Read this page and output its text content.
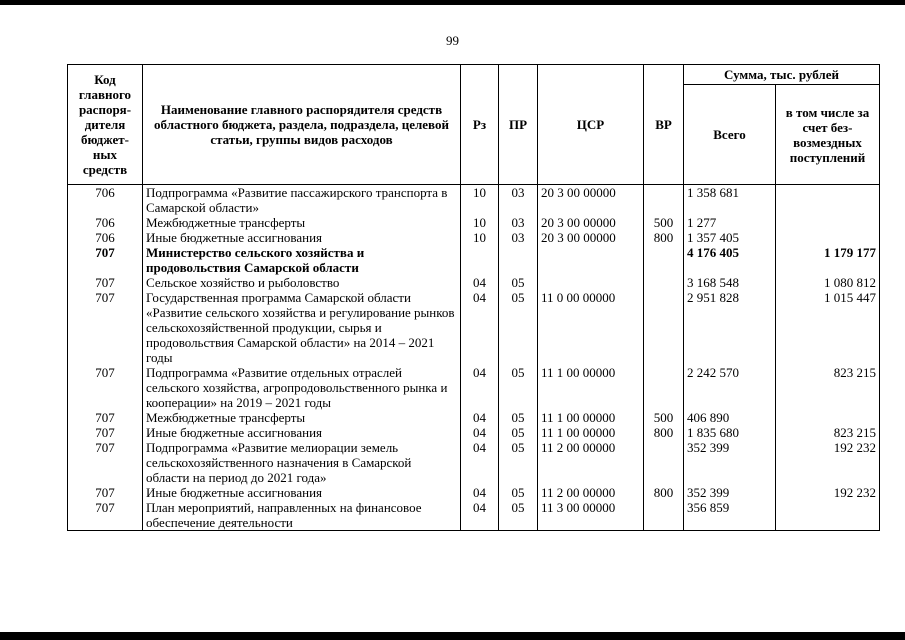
99
Код главного распоря-дителя бюджет-ных средств	Наименование главного распорядителя средств областного бюджета, раздела, подраздела, целевой статьи, группы видов расходов	Рз	ПР	ЦСР	ВР	Сумма, тыс. рублей	
						Всего	в том числе за счет без-возмездных поступлений
706	Подпрограмма «Развитие пассажирского транспорта в Самарской области»	10	03	20 3 00 00000		1 358 681	
706	Межбюджетные трансферты	10	03	20 3 00 00000	500	1 277	
706	Иные бюджетные ассигнования	10	03	20 3 00 00000	800	1 357 405	
707	Министерство сельского хозяйства и продовольствия Самарской области					4 176 405	1 179 177
707	Сельское хозяйство и рыболовство	04	05			3 168 548	1 080 812
707	Государственная программа Самарской области «Развитие сельского хозяйства и регулирование рынков сельскохозяйственной продукции, сырья и продовольствия Самарской области» на 2014 – 2021 годы	04	05	11 0 00 00000		2 951 828	1 015 447
707	Подпрограмма «Развитие отдельных отраслей сельского хозяйства, агропродовольственного рынка и кооперации» на 2019 – 2021 годы	04	05	11 1 00 00000		2 242 570	823 215
707	Межбюджетные трансферты	04	05	11 1 00 00000	500	406 890	
707	Иные бюджетные ассигнования	04	05	11 1 00 00000	800	1 835 680	823 215
707	Подпрограмма «Развитие мелиорации земель сельскохозяйственного назначения в Самарской области на период до 2021 года»	04	05	11 2 00 00000		352 399	192 232
707	Иные бюджетные ассигнования	04	05	11 2 00 00000	800	352 399	192 232
707	План мероприятий, направленных на финансовое обеспечение деятельности	04	05	11 3 00 00000		356 859	
